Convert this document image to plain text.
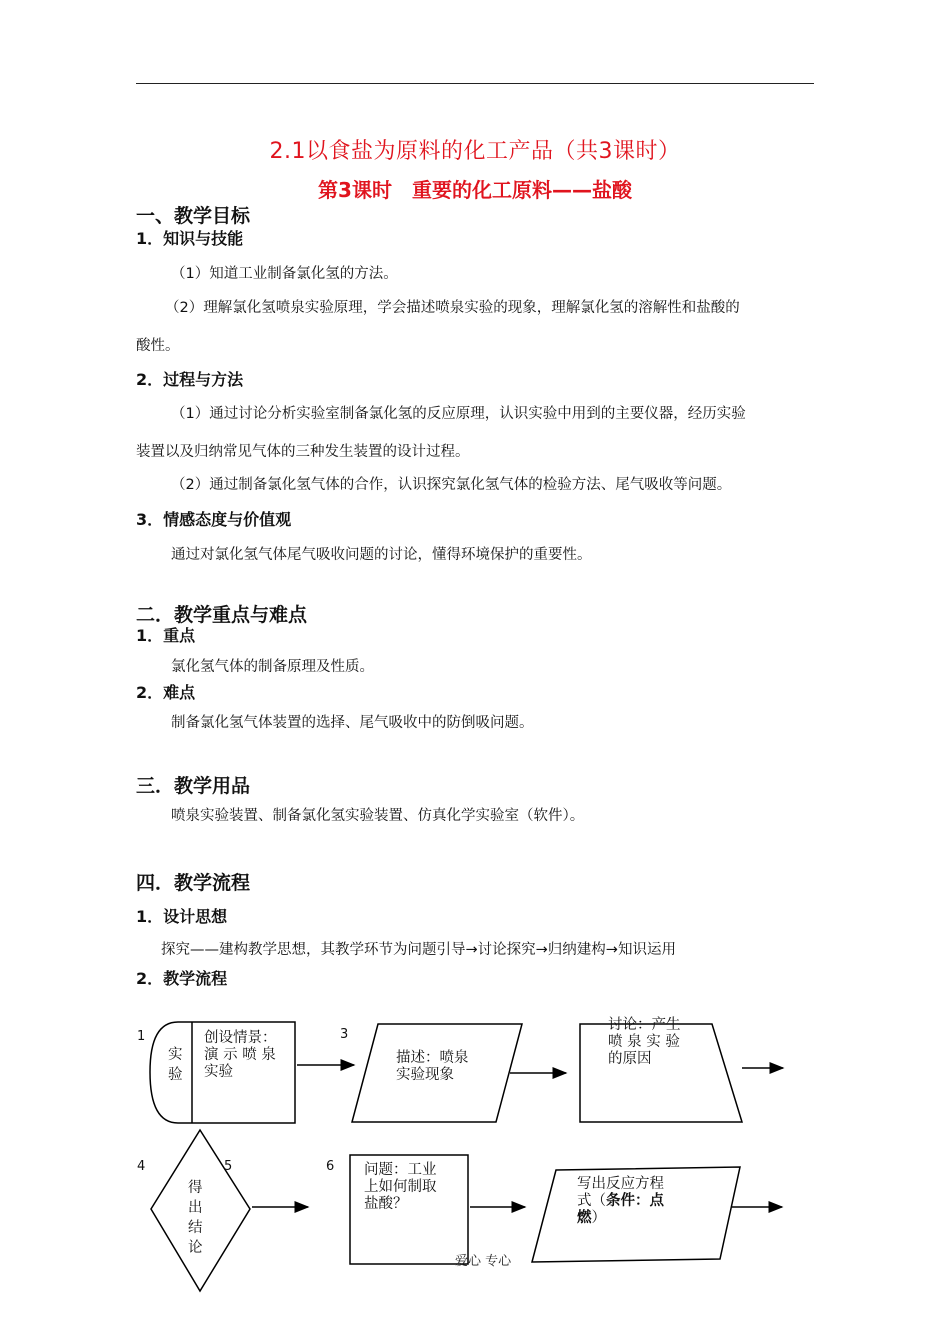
2.1以食盐为原料的化工产品（共3课时）
第3课时　重要的化工原料——盐酸
一、教学目标
1．知识与技能
（1）知道工业制备氯化氢的方法。
（2）理解氯化氢喷泉实验原理，学会描述喷泉实验的现象，理解氯化氢的溶解性和盐酸的
酸性。
2．过程与方法
（1）通过讨论分析实验室制备氯化氢的反应原理，认识实验中用到的主要仪器，经历实验
装置以及归纳常见气体的三种发生装置的设计过程。
（2）通过制备氯化氢气体的合作，认识探究氯化氢气体的检验方法、尾气吸收等问题。
3．情感态度与价值观
通过对氯化氢气体尾气吸收问题的讨论，懂得环境保护的重要性。
二．教学重点与难点
1．重点
氯化氢气体的制备原理及性质。
2．难点
制备氯化氢气体装置的选择、尾气吸收中的防倒吸问题。
三．教学用品
喷泉实验装置、制备氯化氢实验装置、仿真化学实验室（软件）。
四．教学流程
1．设计思想
探究——建构教学思想，其教学环节为问题引导→讨论探究→归纳建构→知识运用
2．教学流程
1	3
4	5	6
实
验
创设情景：
演 示 喷 泉
实验
描述：喷泉
实验现象
讨论：产生
喷 泉 实 验
的原因
得
出
结
论
问题：工业
上如何制取
盐酸？
写出反应方程
式（条件：点
燃）
爱心 专心
